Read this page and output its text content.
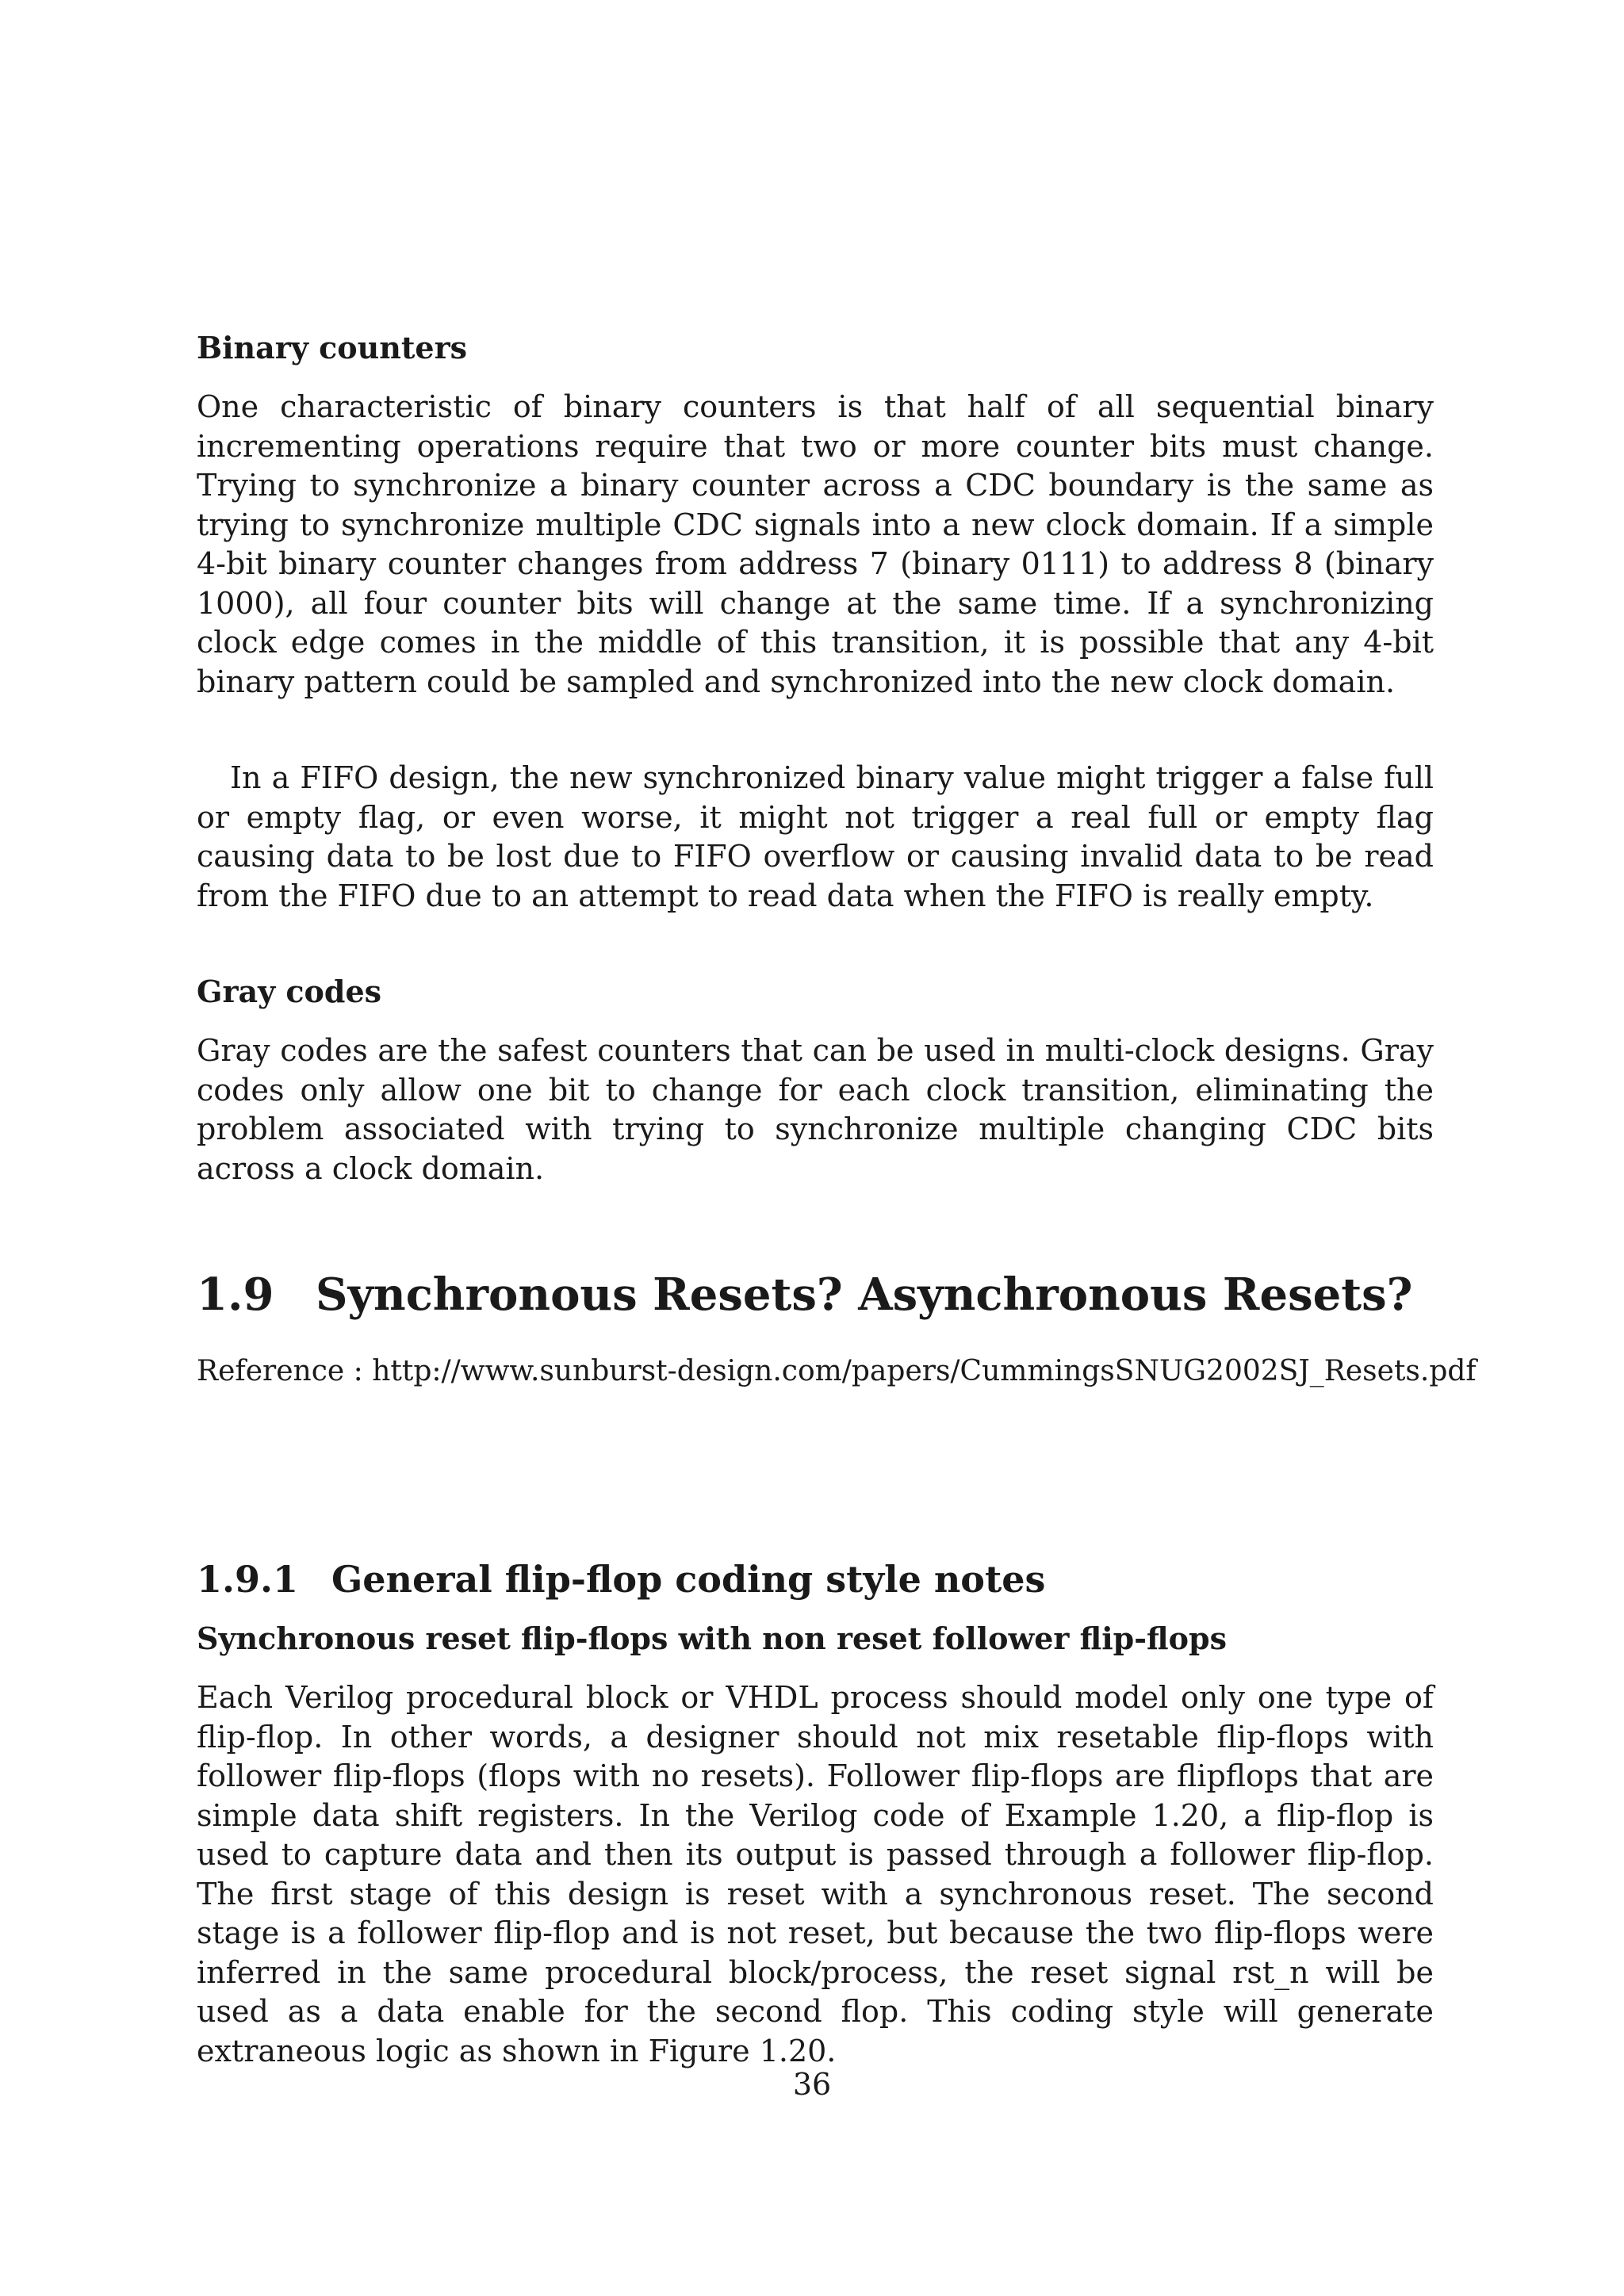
Binary counters

One characteristic of binary counters is that half of all sequential binary incrementing operations require that two or more counter bits must change. Trying to synchronize a binary counter across a CDC boundary is the same as trying to synchronize multiple CDC signals into a new clock domain. If a simple 4-bit binary counter changes from address 7 (binary 0111) to address 8 (binary 1000), all four counter bits will change at the same time. If a synchronizing clock edge comes in the middle of this transition, it is possible that any 4-bit binary pattern could be sampled and synchronized into the new clock domain.

In a FIFO design, the new synchronized binary value might trigger a false full or empty flag, or even worse, it might not trigger a real full or empty flag causing data to be lost due to FIFO overflow or causing invalid data to be read from the FIFO due to an attempt to read data when the FIFO is really empty.

Gray codes

Gray codes are the safest counters that can be used in multi-clock designs. Gray codes only allow one bit to change for each clock transition, eliminating the problem associated with trying to synchronize multiple changing CDC bits across a clock domain.

1.9 Synchronous Resets? Asynchronous Resets?

Reference : http://www.sunburst-design.com/papers/CummingsSNUG2002SJ_Resets.pdf

1.9.1 General flip-flop coding style notes
Synchronous reset flip-flops with non reset follower flip-flops

Each Verilog procedural block or VHDL process should model only one type of flip-flop. In other words, a designer should not mix resetable flip-flops with follower flip-flops (flops with no resets). Follower flip-flops are flipflops that are simple data shift registers. In the Verilog code of Example 1.20, a flip-flop is used to capture data and then its output is passed through a follower flip-flop. The first stage of this design is reset with a synchronous reset. The second stage is a follower flip-flop and is not reset, but because the two flip-flops were inferred in the same procedural block/process, the reset signal rst_n will be used as a data enable for the second flop. This coding style will generate extraneous logic as shown in Figure 1.20.

36
